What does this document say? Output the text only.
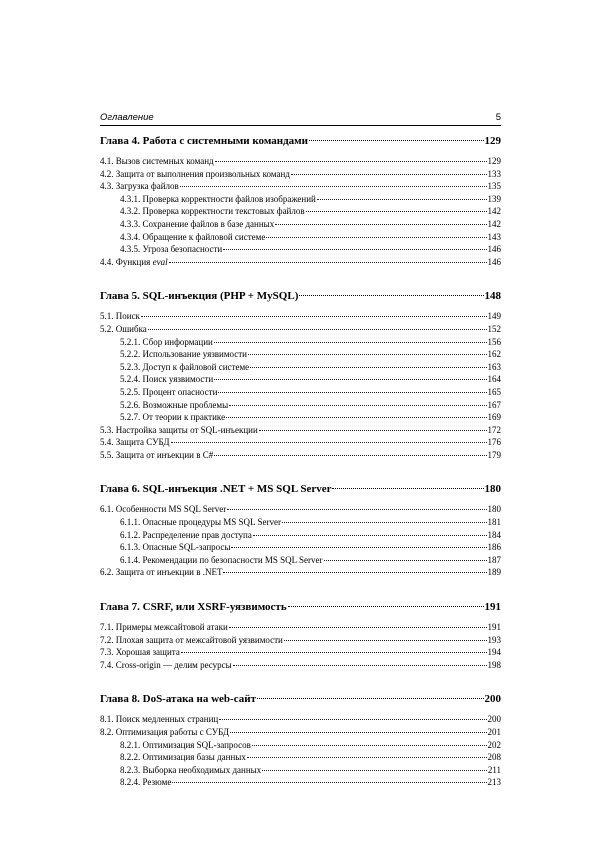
Оглавление	5
Глава 4. Работа с системными командами	129
4.1. Вызов системных команд	129
4.2. Защита от выполнения произвольных команд	133
4.3. Загрузка файлов	135
4.3.1. Проверка корректности файлов изображений	139
4.3.2. Проверка корректности текстовых файлов	142
4.3.3. Сохранение файлов в базе данных	142
4.3.4. Обращение к файловой системе	143
4.3.5. Угроза безопасности	146
4.4. Функция eval	146
Глава 5. SQL-инъекция (PHP + MySQL)	148
5.1. Поиск	149
5.2. Ошибка	152
5.2.1. Сбор информации	156
5.2.2. Использование уязвимости	162
5.2.3. Доступ к файловой системе	163
5.2.4. Поиск уязвимости	164
5.2.5. Процент опасности	165
5.2.6. Возможные проблемы	167
5.2.7. От теории к практике	169
5.3. Настройка защиты от SQL-инъекции	172
5.4. Защита СУБД	176
5.5. Защита от инъекции в C#	179
Глава 6. SQL-инъекция .NET + MS SQL Server	180
6.1. Особенности MS SQL Server	180
6.1.1. Опасные процедуры MS SQL Server	181
6.1.2. Распределение прав доступа	184
6.1.3. Опасные SQL-запросы	186
6.1.4. Рекомендации по безопасности MS SQL Server	187
6.2. Защита от инъекции в .NET	189
Глава 7. CSRF, или XSRF-уязвимость	191
7.1. Примеры межсайтовой атаки	191
7.2. Плохая защита от межсайтовой уязвимости	193
7.3. Хорошая защита	194
7.4. Cross-origin — делим ресурсы	198
Глава 8. DoS-атака на web-сайт	200
8.1. Поиск медленных страниц	200
8.2. Оптимизация работы с СУБД	201
8.2.1. Оптимизация SQL-запросов	202
8.2.2. Оптимизация базы данных	208
8.2.3. Выборка необходимых данных	211
8.2.4. Резюме	213
